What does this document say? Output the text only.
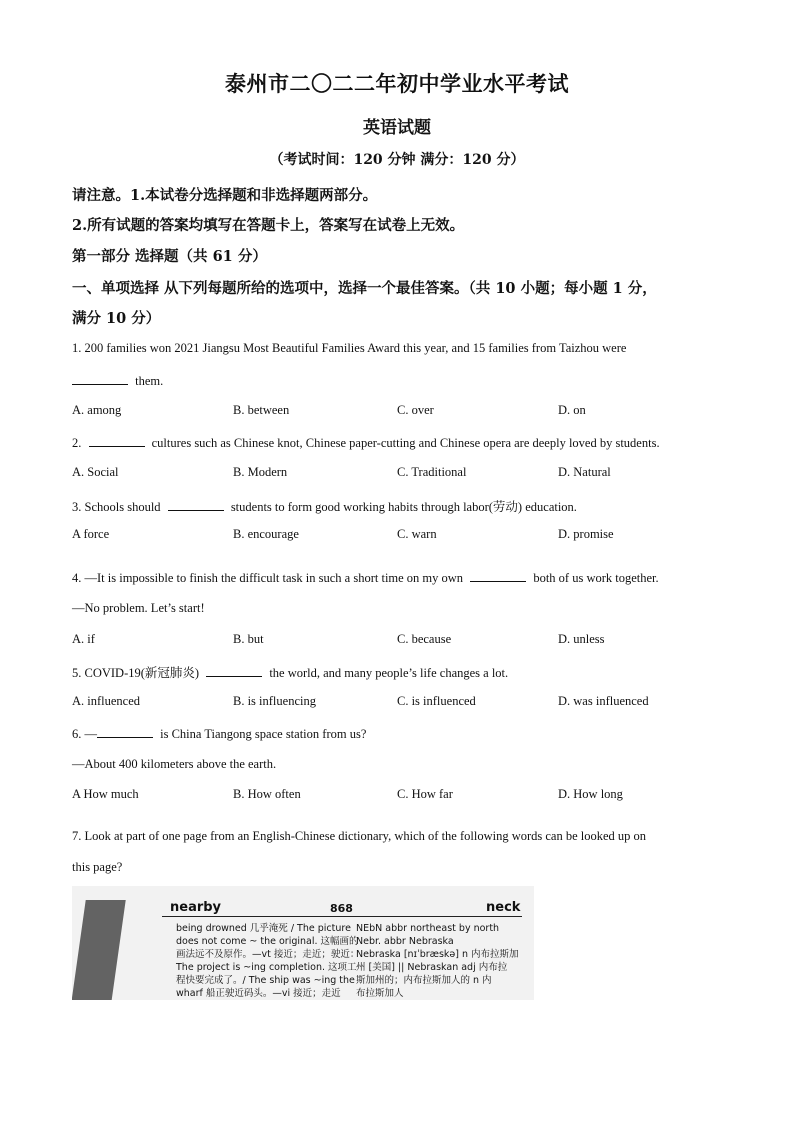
泰州市二〇二二年初中学业水平考试
英语试题
（考试时间：120 分钟 满分：120 分）
请注意。1.本试卷分选择题和非选择题两部分。
2.所有试题的答案均填写在答题卡上，答案写在试卷上无效。
第一部分 选择题（共 61 分）
一、单项选择 从下列每题所给的选项中，选择一个最佳答案。（共 10 小题；每小题 1 分，
满分 10 分）
1. 200 families won 2021 Jiangsu Most Beautiful Families Award this year, and 15 families from Taizhou were
them.
A. among	B. between	C. over	D. on
2.	cultures such as Chinese knot, Chinese paper-cutting and Chinese opera are deeply loved by students.
A. Social	B. Modern	C. Traditional	D. Natural
3. Schools should	students to form good working habits through labor(劳动) education.
A force	B. encourage	C. warn	D. promise
4. —It is impossible to finish the difficult task in such a short time on my own	both of us work together.
—No problem. Let’s start!
A. if	B. but	C. because	D. unless
5. COVID-19(新冠肺炎)	the world, and many people’s life changes a lot.
A. influenced	B. is influencing	C. is influenced	D. was influenced
6. —	is China Tiangong space station from us?
—About 400 kilometers above the earth.
A How much	B. How often	C. How far	D. How long
7. Look at part of one page from an English-Chinese dictionary, which of the following words can be looked up on
this page?
nearby	868	neck
being drowned 几乎淹死 / The picture
does not come ~ the original. 这幅画的
画法远不及原作。—vt 接近；走近；驶近：
The project is ~ing completion. 这项工
程快要完成了。/ The ship was ~ing the
wharf 船正驶近码头。—vi 接近；走近
NEbN abbr northeast by north
Nebr. abbr Nebraska
Nebraska [nɪˈbræskə] n 内布拉斯加
州 [美国] || Nebraskan adj 内布拉
斯加州的；内布拉斯加人的 n 内
布拉斯加人
